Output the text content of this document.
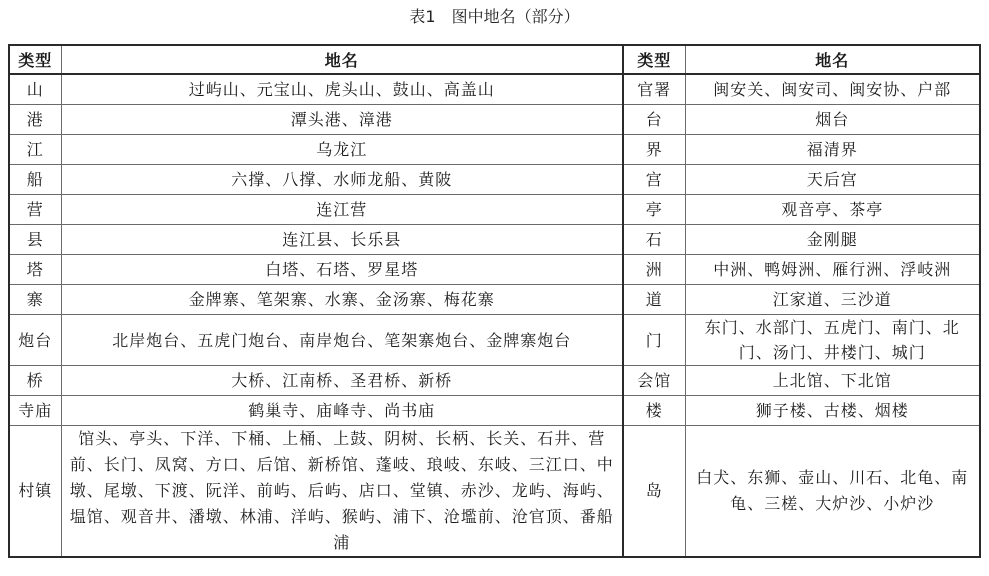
表1 图中地名（部分）
类型	地名	类型	地名
山	过屿山、元宝山、虎头山、鼓山、高盖山	官署	闽安关、闽安司、闽安协、户部
港	潭头港、漳港	台	烟台
江	乌龙江	界	福清界
船	六撑、八撑、水师龙船、黄陂	宫	天后宫
营	连江营	亭	观音亭、茶亭
县	连江县、长乐县	石	金刚腿
塔	白塔、石塔、罗星塔	洲	中洲、鸭姆洲、雁行洲、浮岐洲
寨	金牌寨、笔架寨、水寨、金汤寨、梅花寨	道	江家道、三沙道
炮台	北岸炮台、五虎门炮台、南岸炮台、笔架寨炮台、金牌寨炮台	门	东门、水部门、五虎门、南门、北门、汤门、井楼门、城门
桥	大桥、江南桥、圣君桥、新桥	会馆	上北馆、下北馆
寺庙	鹤巢寺、庙峰寺、尚书庙	楼	狮子楼、古楼、烟楼
村镇	馆头、亭头、下洋、下桶、上桶、上鼓、阴树、长柄、长关、石井、营前、长门、凤窝、方口、后馆、新桥馆、蓬岐、琅岐、东岐、三江口、中墩、尾墩、下渡、阮洋、前屿、后屿、店口、堂镇、赤沙、龙屿、海屿、塭馆、观音井、潘墩、林浦、洋屿、猴屿、浦下、沧壏前、沧官顶、番船浦	岛	白犬、东狮、壶山、川石、北龟、南龟、三槎、大炉沙、小炉沙
